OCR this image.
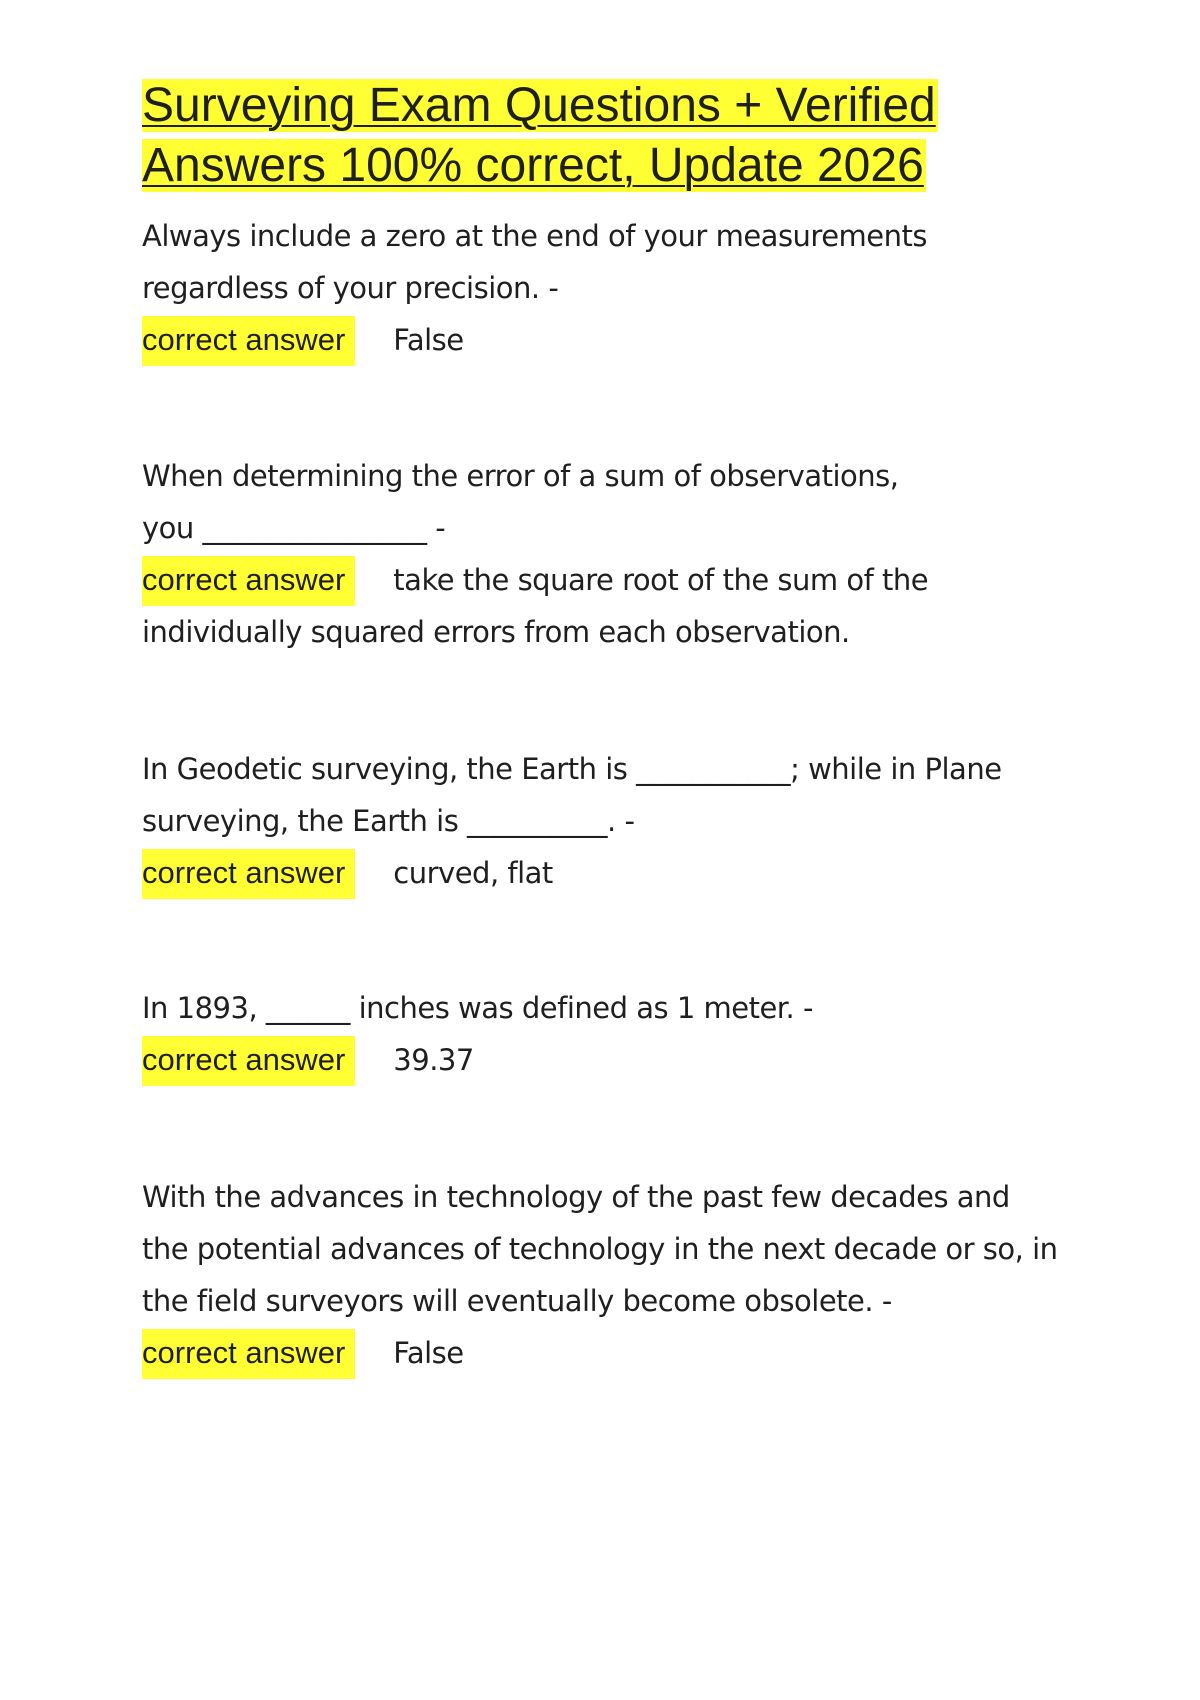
Surveying Exam Questions + Verified
Answers 100% correct, Update 2026

Always include a zero at the end of your measurements regardless of your precision. -

correct answer False

When determining the error of a sum of observations, you ________________ -

correct answer take the square root of the sum of the individually squared errors from each observation.

In Geodetic surveying, the Earth is ___________; while in Plane surveying, the Earth is __________. -

correct answer curved, flat

In 1893, ______ inches was defined as 1 meter. -

correct answer 39.37

With the advances in technology of the past few decades and the potential advances of technology in the next decade or so, in the field surveyors will eventually become obsolete. -

correct answer False
